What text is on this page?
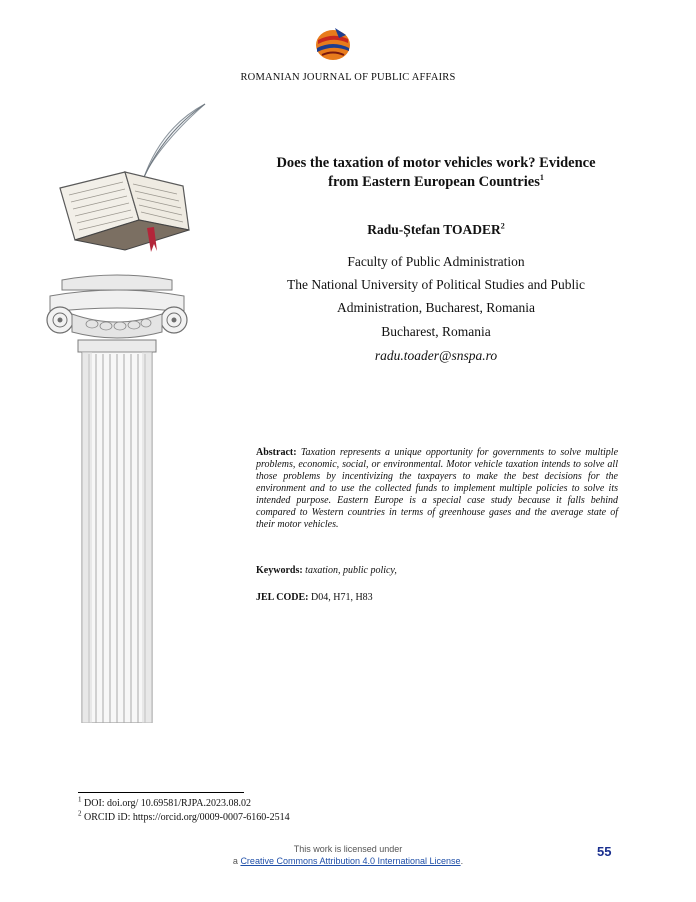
ROMANIAN JOURNAL OF PUBLIC AFFAIRS
Does the taxation of motor vehicles work? Evidence
from Eastern European Countries$^1$
Radu-Ștefan TOADER$^2$
Faculty of Public Administration
The National University of Political Studies and Public
Administration, Bucharest, Romania
Bucharest, Romania
radu.toader@snspa.ro
Abstract: Taxation represents a unique opportunity for governments to solve multiple problems, economic, social, or environmental. Motor vehicle taxation intends to solve all those problems by incentivizing the taxpayers to make the best decisions for the environment and to use the collected funds to implement multiple policies to solve its intended purpose. Eastern Europe is a special case study because it falls behind compared to Western countries in terms of greenhouse gases and the average state of their motor vehicles.
Keywords: taxation, public policy,
JEL CODE: D04, H71, H83
$^1$ DOI: doi.org/ 10.69581/RJPA.2023.08.02
$^2$ ORCID iD: https://orcid.org/0009-0007-6160-2514
This work is licensed under
a Creative Commons Attribution 4.0 International License.
55
